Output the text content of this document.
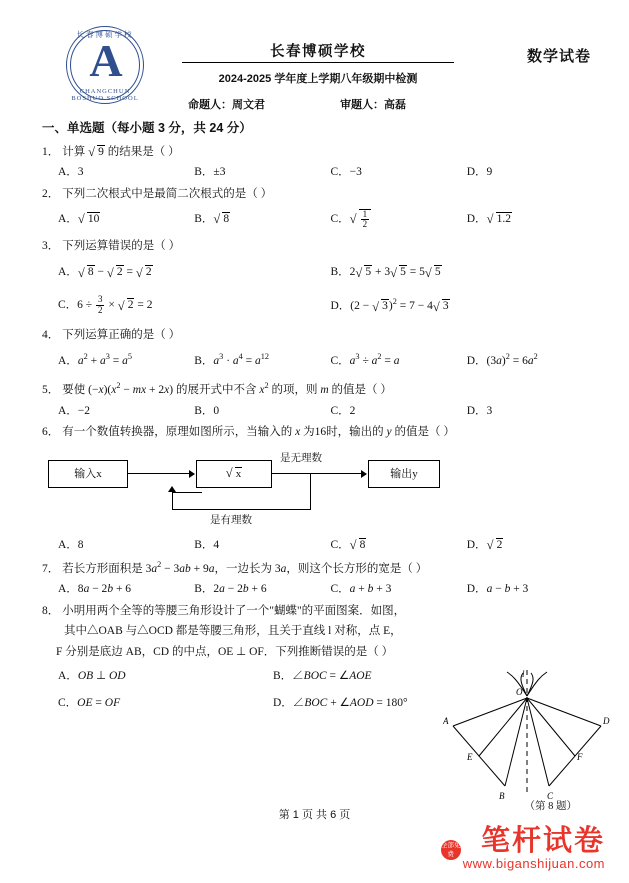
长春博硕学校
A
CHANGCHUN BOSHUO SCHOOL
长春博硕学校
2024-2025 学年度上学期八年级期中检测
数学试卷
命题人：周文君	审题人：高磊
一、单选题（每小题 3 分，共 24 分）
1． 计算 √ 9 的结果是（ ）
A．3	B．±3	C．−3	D．9
2． 下列二次根式中是最简二次根式的是（ ）
A． √ 10	B． √ 8	C． √ $\frac{1}{2}$	D． √ 1.2
3． 下列运算错误的是（ ）
A． √ 8 − √ 2 = √ 2	B．2 √ 5 + 3 √ 5 = 5 √ 5
C．$6 \div \frac{3}{2}$ × √ 2 = 2	D．(2 − √ 3)$^2$ = 7 − 4 √ 3
4． 下列运算正确的是（ ）
A．$a^2 + a^3 = a^5$	B．$a^3 \cdot a^4 = a^{12}$	C．$a^3 \div a^2 = a$	D．$(3a)^2 = 6a^2$
5． 要使 $(-x)(x^2$ − mx + 2x) 的展开式中不含 $x^2$ 的项，则 m 的值是（ ）
A．−2	B．0	C．2	D．3
6． 有一个数值转换器，原理如图所示，当输入的 x 为16时，输出的 y 的值是（ ）
输入x	√ x	输出y
是无理数
是有理数
A．8	B．4	C． √ 8	D． √ 2
7． 若长方形面积是 $3a^2 - 3ab + 9a$，一边长为 3a，则这个长方形的宽是（ ）
A．8a − 2b + 6	B．2a − 2b + 6	C．a + b + 3	D．a − b + 3
8． 小明用两个全等的等腰三角形设计了一个"蝴蝶"的平面图案．如图，
其中△OAB 与△OCD 都是等腰三角形，且关于直线 l 对称，点 E，
F 分别是底边 AB，CD 的中点，OE ⊥ OF．下列推断错误的是（ ）
A．OB ⊥ OD	B．∠BOC = ∠AOE
C．OE = OF	D．∠BOC + ∠AOD = 180°
l
O
A	D
E	F
B	C
（第 8 题）
第 1 页 共 6 页
全部免费 笔杆试卷
www.biganshijuan.com
